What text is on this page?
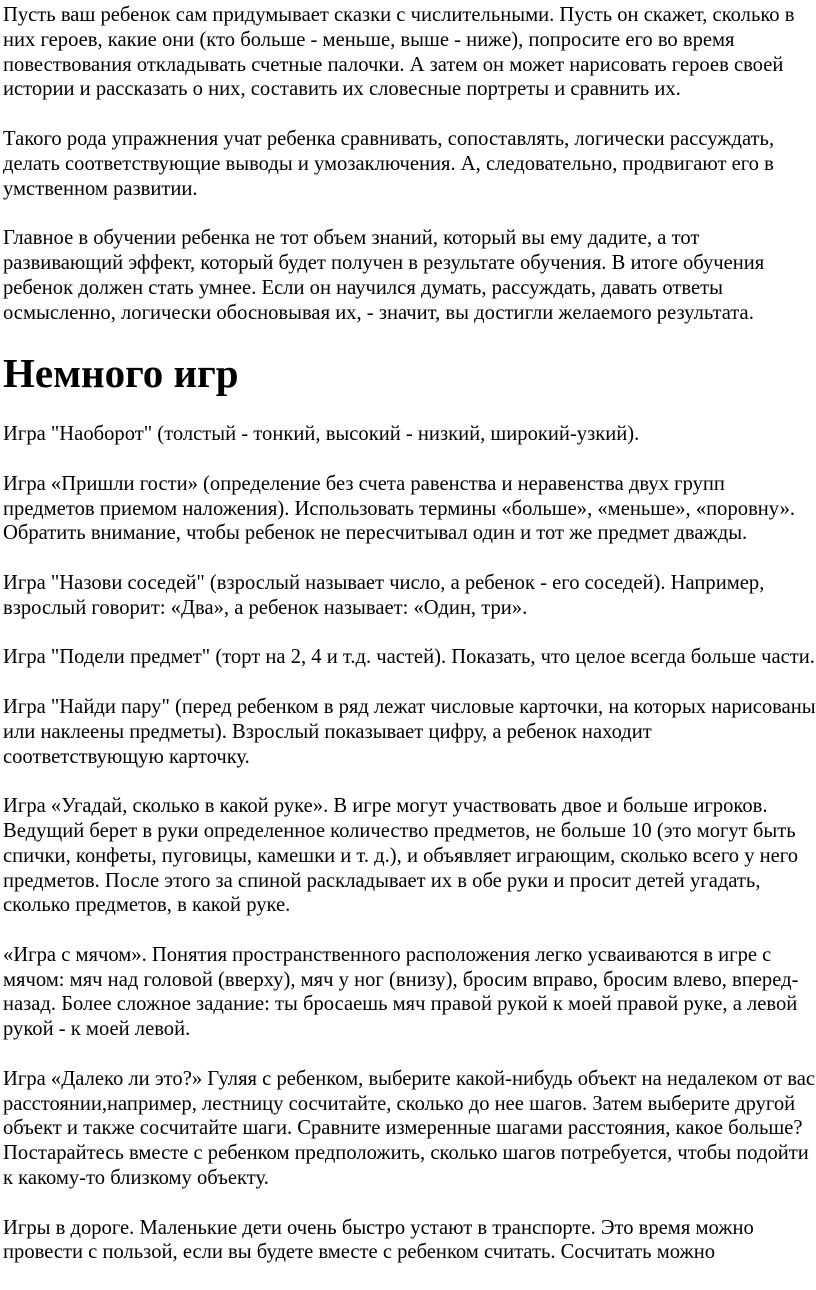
Пусть ваш ребенок сам придумывает сказки с числительными. Пусть он скажет, сколько в них героев, какие они (кто больше - меньше, выше - ниже), попросите его во время повествования откладывать счетные палочки. А затем он может нарисовать героев своей истории и рассказать о них, составить их словесные портреты и сравнить их.

Такого рода упражнения учат ребенка сравнивать, сопоставлять, логически рассуждать, делать соответствующие выводы и умозаключения. А, следовательно, продвигают его в умственном развитии.

Главное в обучении ребенка не тот объем знаний, который вы ему дадите, а тот развивающий эффект, который будет получен в результате обучения. В итоге обучения ребенок должен стать умнее. Если он научился думать, рассуждать, давать ответы осмысленно, логически обосновывая их, - значит, вы достигли желаемого результата.

Немного игр

Игра "Наоборот" (толстый - тонкий, высокий - низкий, широкий-узкий).

Игра «Пришли гости» (определение без счета равенства и неравенства двух групп предметов приемом наложения). Использовать термины «больше», «меньше», «поровну». Обратить внимание, чтобы ребенок не пересчитывал один и тот же предмет дважды.

Игра "Назови соседей" (взрослый называет число, а ребенок - его соседей). Например, взрослый говорит: «Два», а ребенок называет: «Один, три».

Игра "Подели предмет" (торт на 2, 4 и т.д. частей). Показать, что целое всегда больше части.

Игра "Найди пару" (перед ребенком в ряд лежат числовые карточки, на которых нарисованы или наклеены предметы). Взрослый показывает цифру, а ребенок находит соответствующую карточку.

Игра «Угадай, сколько в какой руке». В игре могут участвовать двое и больше игроков. Ведущий берет в руки определенное количество предметов, не больше 10 (это могут быть спички, конфеты, пуговицы, камешки и т. д.), и объявляет играющим, сколько всего у него предметов. После этого за спиной раскладывает их в обе руки и просит детей угадать, сколько предметов, в какой руке.

«Игра с мячом». Понятия пространственного расположения легко усваиваются в игре с мячом: мяч над головой (вверху), мяч у ног (внизу), бросим вправо, бросим влево, вперед-назад. Более сложное задание: ты бросаешь мяч правой рукой к моей правой руке, а левой рукой - к моей левой.

Игра «Далеко ли это?» Гуляя с ребенком, выберите какой-нибудь объект на недалеком от вас расстоянии,например, лестницу сосчитайте, сколько до нее шагов. Затем выберите другой объект и также сосчитайте шаги. Сравните измеренные шагами расстояния, какое больше? Постарайтесь вместе с ребенком предположить, сколько шагов потребуется, чтобы подойти к какому-то близкому объекту.

Игры в дороге. Маленькие дети очень быстро устают в транспорте. Это время можно провести с пользой, если вы будете вместе с ребенком считать. Сосчитать можно
